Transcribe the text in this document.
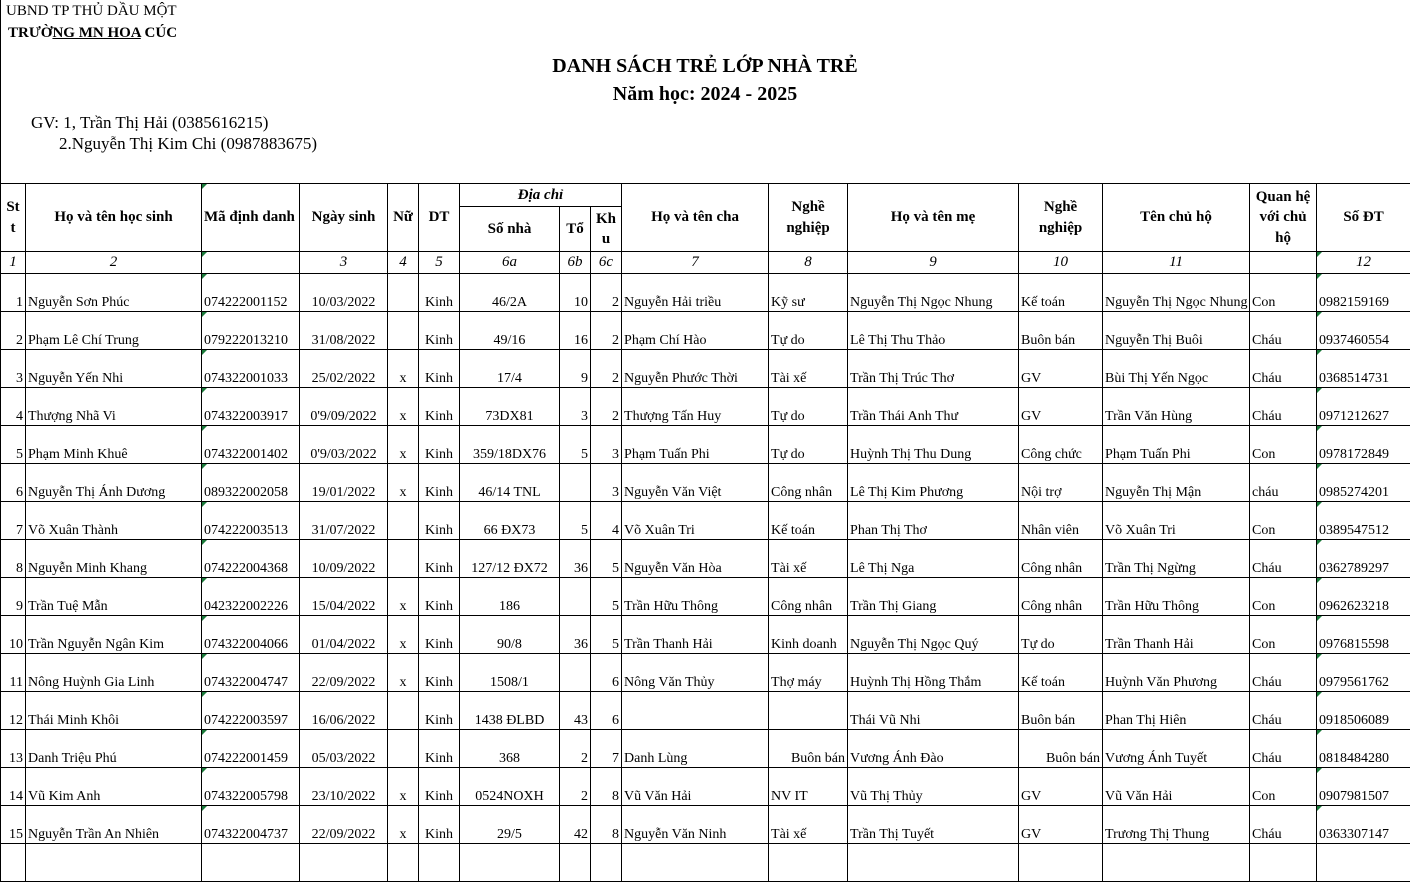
UBND TP THỦ DẦU MỘT
TRƯỜNG MN HOA CÚC
DANH SÁCH TRẺ LỚP NHÀ TRẺ
Năm học: 2024 - 2025
GV: 1, Trần Thị Hải (0385616215)
2.Nguyễn Thị Kim Chi (0987883675)
St t	Họ và tên học sinh	Mã định danh	Ngày sinh	Nữ	DT	Địa chỉ			Họ và tên cha	Nghề nghiệp	Họ và tên mẹ	Nghề nghiệp	Tên chủ hộ	Quan hệ với chủ hộ	Số ĐT
						Số nhà	Tổ	Kh u							
1	2		3	4	5	6a	6b	6c	7	8	9	10	11		12
1	Nguyễn Sơn Phúc	074222001152	10/03/2022		Kinh	46/2A	10	2	Nguyễn Hải triều	Kỹ sư	Nguyễn Thị Ngọc Nhung	Kế toán	Nguyễn Thị Ngọc Nhung	Con	0982159169
2	Phạm Lê Chí Trung	079222013210	31/08/2022		Kinh	49/16	16	2	Phạm Chí Hào	Tự do	Lê Thị Thu Thảo	Buôn bán	Nguyễn Thị Buôi	Cháu	0937460554
3	Nguyễn Yến Nhi	074322001033	25/02/2022	x	Kinh	17/4	9	2	Nguyễn Phước Thời	Tài xế	Trần Thị Trúc Thơ	GV	Bùi Thị Yến Ngọc	Cháu	0368514731
4	Thượng Nhã Vi	074322003917	0'9/09/2022	x	Kinh	73DX81	3	2	Thượng Tấn Huy	Tự do	Trần Thái Anh Thư	GV	Trần Văn Hùng	Cháu	0971212627
5	Phạm Minh Khuê	074322001402	0'9/03/2022	x	Kinh	359/18DX76	5	3	Phạm Tuấn Phi	Tự do	Huỳnh Thị Thu Dung	Công chức	Phạm Tuấn Phi	Con	0978172849
6	Nguyễn Thị Ánh Dương	089322002058	19/01/2022	x	Kinh	46/14 TNL		3	Nguyễn Văn Việt	Công nhân	Lê Thị Kim Phương	Nội trợ	Nguyễn Thị Mận	cháu	0985274201
7	Võ Xuân Thành	074222003513	31/07/2022		Kinh	66 ĐX73	5	4	Võ Xuân Tri	Kế toán	Phan Thị Thơ	Nhân viên	Võ Xuân Tri	Con	0389547512
8	Nguyễn Minh Khang	074222004368	10/09/2022		Kinh	127/12 ĐX72	36	5	Nguyễn Văn Hòa	Tài xế	Lê Thị Nga	Công nhân	Trần Thị Ngừng	Cháu	0362789297
9	Trần Tuệ Mẫn	042322002226	15/04/2022	x	Kinh	186		5	Trần Hữu Thông	Công nhân	Trần Thị Giang	Công nhân	Trần Hữu Thông	Con	0962623218
10	Trần Nguyễn Ngân Kim	074322004066	01/04/2022	x	Kinh	90/8	36	5	Trần Thanh Hải	Kinh doanh	Nguyễn Thị Ngọc Quý	Tự do	Trần Thanh Hải	Con	0976815598
11	Nông Huỳnh Gia Linh	074322004747	22/09/2022	x	Kinh	1508/1		6	Nông Văn Thủy	Thợ máy	Huỳnh Thị Hồng Thắm	Kế toán	Huỳnh Văn Phương	Cháu	0979561762
12	Thái Minh Khôi	074222003597	16/06/2022		Kinh	1438 ĐLBD	43	6			Thái Vũ Nhi	Buôn bán	Phan Thị Hiên	Cháu	0918506089
13	Danh Triệu Phú	074222001459	05/03/2022		Kinh	368	2	7	Danh Lùng	Buôn bán	Vương Ánh Đào	Buôn bán	Vương Ánh Tuyết	Cháu	0818484280
14	Vũ Kim Anh	074322005798	23/10/2022	x	Kinh	0524NOXH	2	8	Vũ Văn Hải	NV IT	Vũ Thị Thủy	GV	Vũ Văn Hải	Con	0907981507
15	Nguyễn Trần An Nhiên	074322004737	22/09/2022	x	Kinh	29/5	42	8	Nguyễn Văn Ninh	Tài xế	Trần Thị Tuyết	GV	Trương Thị Thung	Cháu	0363307147
